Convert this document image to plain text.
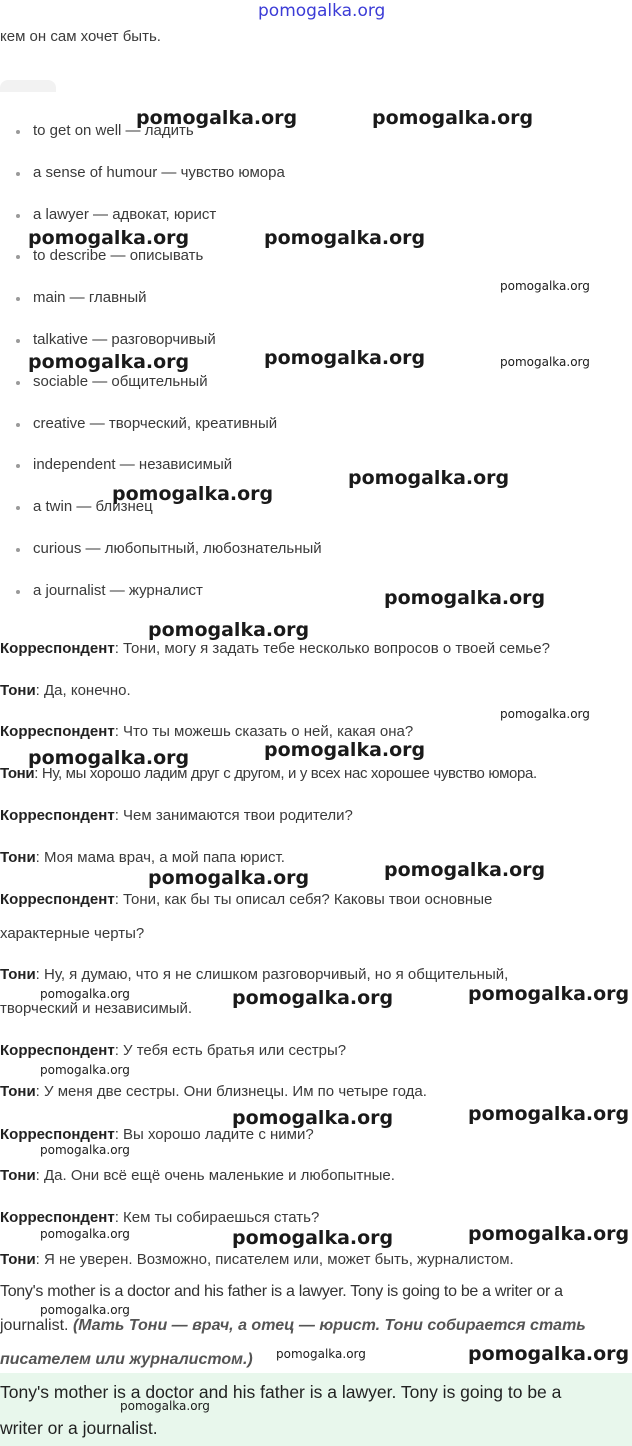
pomogalka.org
кем он сам хочет быть.
to get on well — ладить
a sense of humour — чувство юмора
a lawyer — адвокат, юрист
to describe — описывать
main — главный
talkative — разговорчивый
sociable — общительный
creative — творческий, креативный
independent — независимый
a twin — близнец
curious — любопытный, любознательный
a journalist — журналист
Корреспондент: Тони, могу я задать тебе несколько вопросов о твоей семье?
Тони: Да, конечно.
Корреспондент: Что ты можешь сказать о ней, какая она?
Тони: Ну, мы хорошо ладим друг с другом, и у всех нас хорошее чувство юмора.
Корреспондент: Чем занимаются твои родители?
Тони: Моя мама врач, а мой папа юрист.
Корреспондент: Тони, как бы ты описал себя? Каковы твои основные
характерные черты?
Тони: Ну, я думаю, что я не слишком разговорчивый, но я общительный,
творческий и независимый.
Корреспондент: У тебя есть братья или сестры?
Тони: У меня две сестры. Они близнецы. Им по четыре года.
Корреспондент: Вы хорошо ладите с ними?
Тони: Да. Они всё ещё очень маленькие и любопытные.
Корреспондент: Кем ты собираешься стать?
Тони: Я не уверен. Возможно, писателем или, может быть, журналистом.
Tony's mother is a doctor and his father is a lawyer. Tony is going to be a writer or a
journalist. (Мать Тони — врач, а отец — юрист. Тони собирается стать
писателем или журналистом.)
Tony's mother is a doctor and his father is a lawyer. Tony is going to be a
writer or a journalist.
pomogalka.org	pomogalka.org
pomogalka.org	pomogalka.org
pomogalka.org
pomogalka.org	pomogalka.org	pomogalka.org
pomogalka.org
pomogalka.org
pomogalka.org
pomogalka.org
pomogalka.org
pomogalka.org
pomogalka.org
pomogalka.org
pomogalka.org
pomogalka.org	pomogalka.org	pomogalka.org
pomogalka.org
pomogalka.org	pomogalka.org
pomogalka.org
pomogalka.org	pomogalka.org	pomogalka.org
pomogalka.org
pomogalka.org	pomogalka.org
pomogalka.org
